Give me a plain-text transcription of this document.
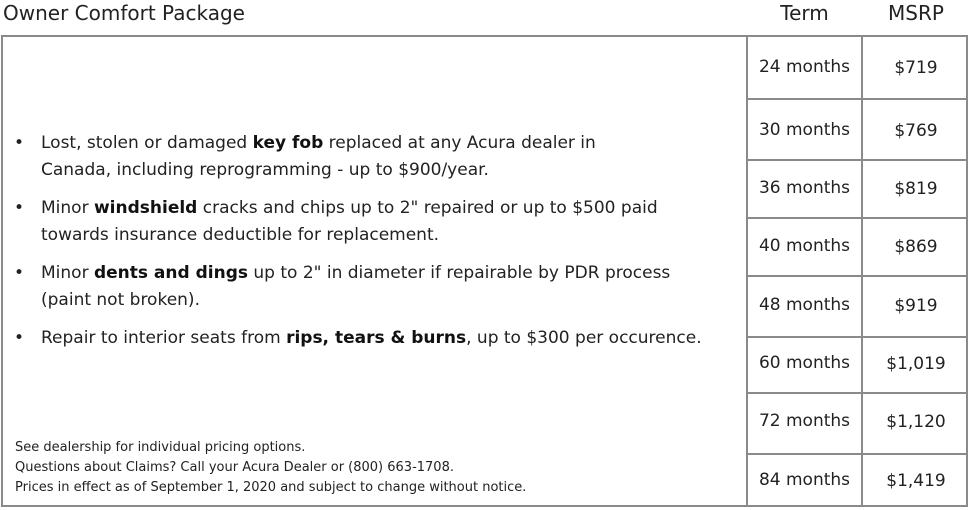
Owner Comfort Package	Term	MSRP
24 months	$719
30 months	$769
36 months	$819
40 months	$869
48 months	$919
60 months	$1,019
72 months	$1,120
84 months	$1,419
• Lost, stolen or damaged key fob replaced at any Acura dealer in
Canada, including reprogramming - up to $900/year.
• Minor windshield cracks and chips up to 2" repaired or up to $500 paid
towards insurance deductible for replacement.
• Minor dents and dings up to 2" in diameter if repairable by PDR process
(paint not broken).
• Repair to interior seats from rips, tears & burns, up to $300 per occurence.
See dealership for individual pricing options.
Questions about Claims? Call your Acura Dealer or (800) 663-1708.
Prices in effect as of September 1, 2020 and subject to change without notice.
